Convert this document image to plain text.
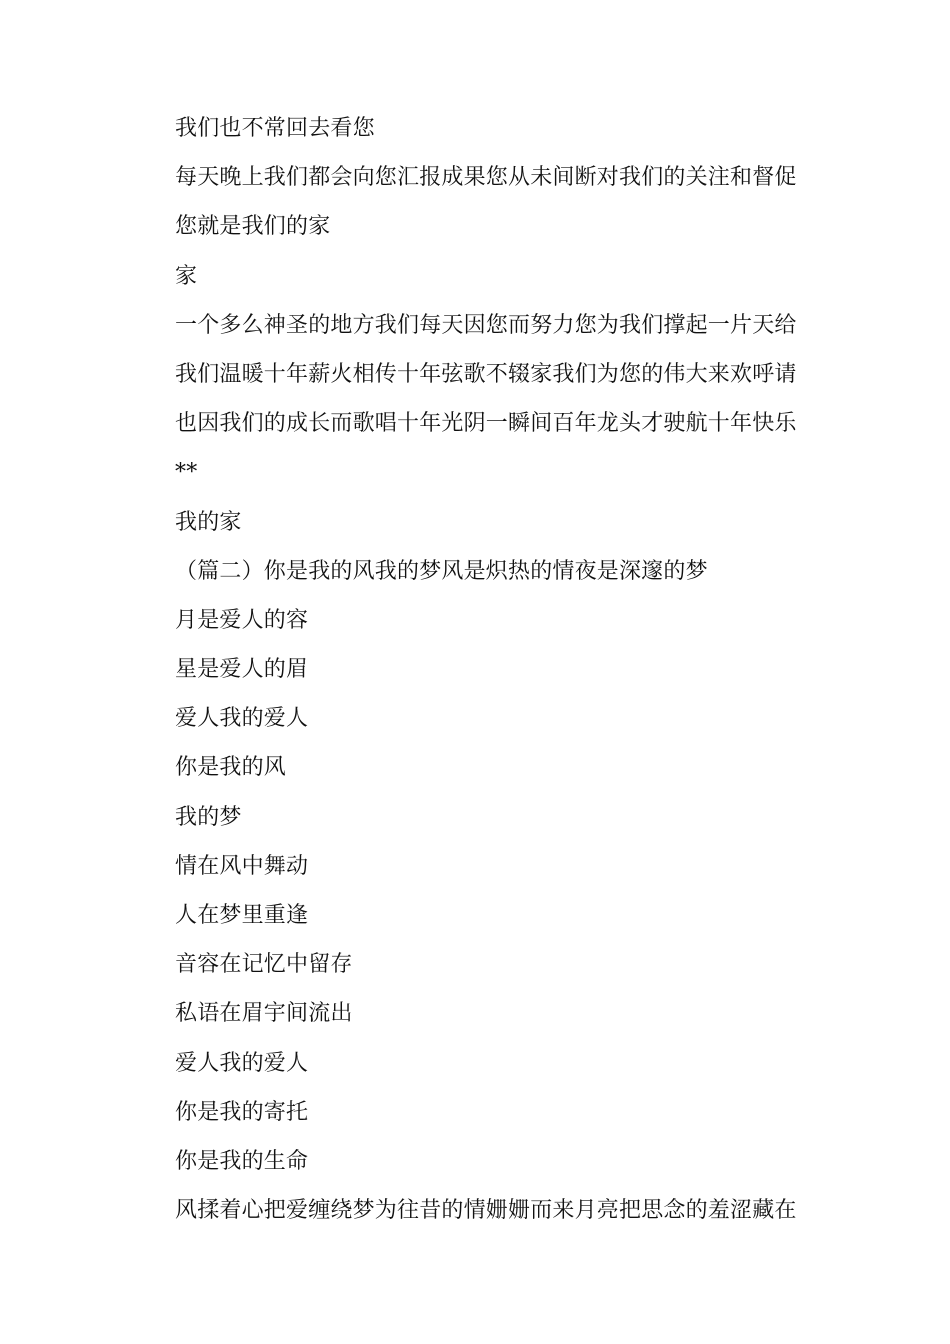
我们也不常回去看您
每天晚上我们都会向您汇报成果您从未间断对我们的关注和督促
您就是我们的家
家
一个多么神圣的地方我们每天因您而努力您为我们撑起一片天给
我们温暖十年薪火相传十年弦歌不辍家我们为您的伟大来欢呼请
也因我们的成长而歌唱十年光阴一瞬间百年龙头才驶航十年快乐
**
我的家
（篇二）你是我的风我的梦风是炽热的情夜是深邃的梦
月是爱人的容
星是爱人的眉
爱人我的爱人
你是我的风
我的梦
情在风中舞动
人在梦里重逢
音容在记忆中留存
私语在眉宇间流出
爱人我的爱人
你是我的寄托
你是我的生命
风揉着心把爱缠绕梦为往昔的情姗姗而来月亮把思念的羞涩藏在
